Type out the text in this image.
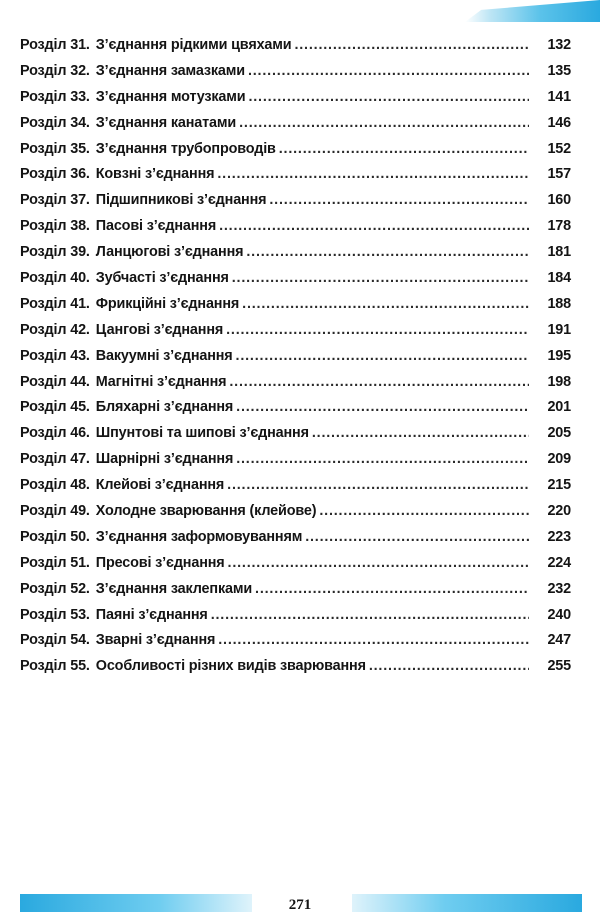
Розділ 31. З’єднання рідкими цвяхами . . .	132
Розділ 32. З’єднання замазками . . .	135
Розділ 33. З’єднання мотузками . . .	141
Розділ 34. З’єднання канатами . . .	146
Розділ 35. З’єднання трубопроводів . . .	152
Розділ 36. Ковзні з’єднання . . .	157
Розділ 37. Підшипникові з’єднання . . .	160
Розділ 38. Пасові з’єднання . . .	178
Розділ 39. Ланцюгові з’єднання . . .	181
Розділ 40. Зубчасті з’єднання . . .	184
Розділ 41. Фрикційні з’єднання . . .	188
Розділ 42. Цангові з’єднання . . .	191
Розділ 43. Вакуумні з’єднання . . .	195
Розділ 44. Магнітні з’єднання . . .	198
Розділ 45. Бляхарні з’єднання . . .	201
Розділ 46. Шпунтові та шипові з’єднання . . .	205
Розділ 47. Шарнірні з’єднання . . .	209
Розділ 48. Клейові з’єднання . . .	215
Розділ 49. Холодне зварювання (клейове) . . .	220
Розділ 50. З’єднання заформовуванням . . .	223
Розділ 51. Пресові з’єднання . . .	224
Розділ 52. З’єднання заклепками . . .	232
Розділ 53. Паяні з’єднання . . .	240
Розділ 54. Зварні з’єднання . . .	247
Розділ 55. Особливості різних видів зварювання . . .	255
271
